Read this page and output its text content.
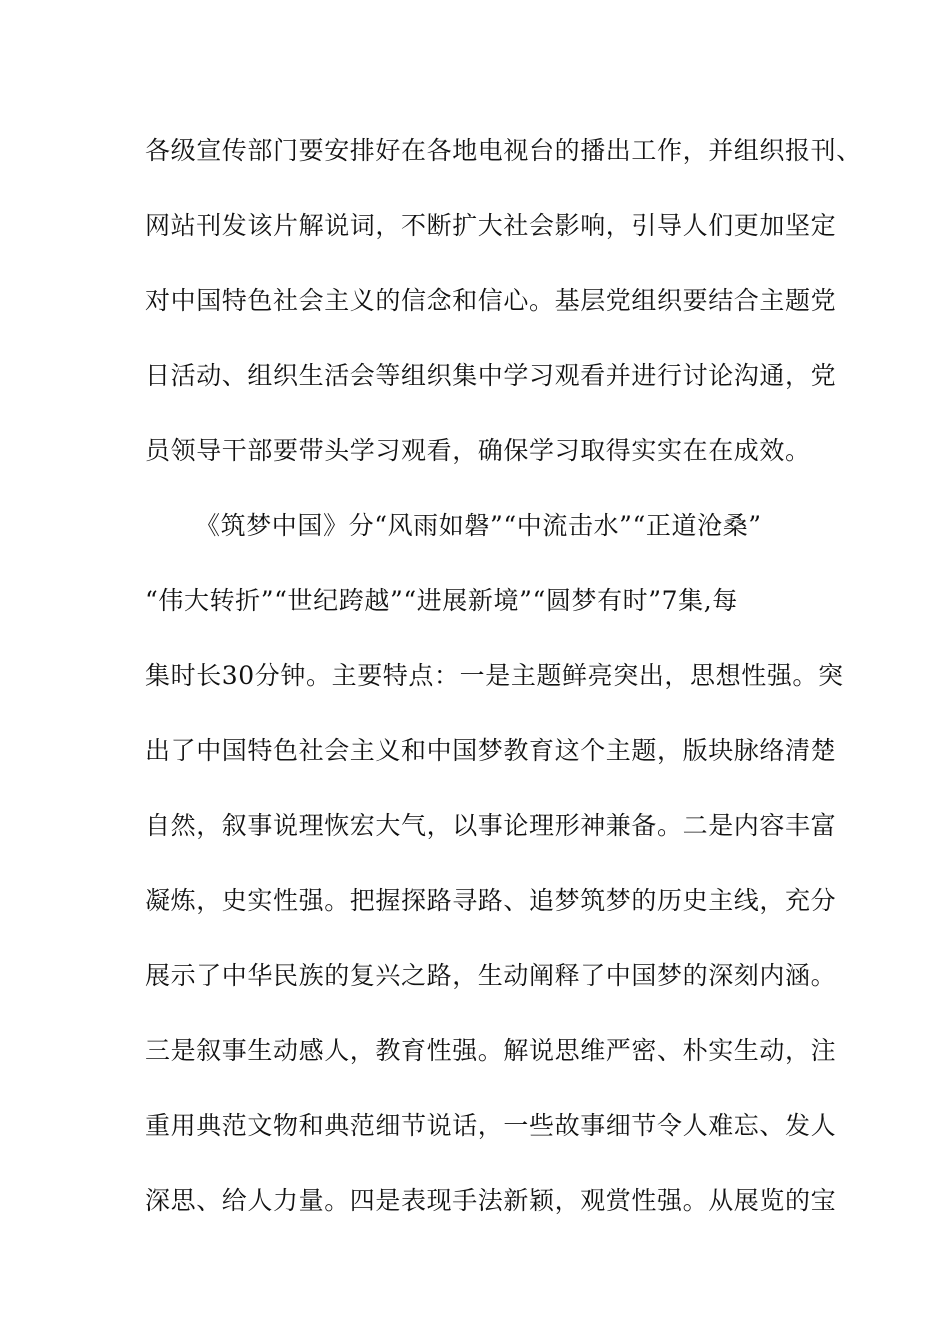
各级宣传部门要安排好在各地电视台的播出工作，并组织报刊、
网站刊发该片解说词，不断扩大社会影响，引导人们更加坚定
对中国特色社会主义的信念和信心。基层党组织要结合主题党
日活动、组织生活会等组织集中学习观看并进行讨论沟通，党
员领导干部要带头学习观看，确保学习取得实实在在成效。
《筑梦中国》分“风雨如磐”“中流击水”“正道沧桑”
“伟大转折”“世纪跨越”“进展新境”“圆梦有时”7集,每
集时长30分钟。主要特点：一是主题鲜亮突出，思想性强。突
出了中国特色社会主义和中国梦教育这个主题，版块脉络清楚
自然，叙事说理恢宏大气，以事论理形神兼备。二是内容丰富
凝炼，史实性强。把握探路寻路、追梦筑梦的历史主线，充分
展示了中华民族的复兴之路，生动阐释了中国梦的深刻内涵。
三是叙事生动感人，教育性强。解说思维严密、朴实生动，注
重用典范文物和典范细节说话，一些故事细节令人难忘、发人
深思、给人力量。四是表现手法新颖，观赏性强。从展览的宝
